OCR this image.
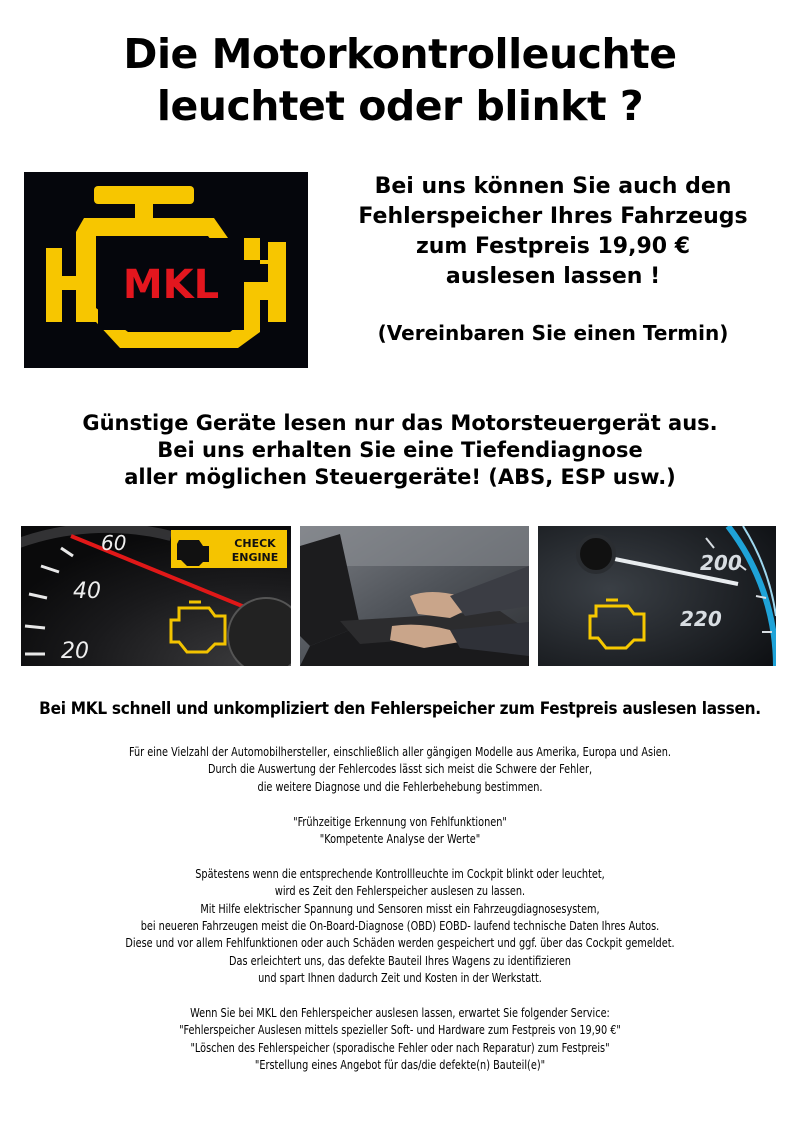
Die Motorkontrolleuchte
leuchtet oder blinkt ?
MKL
Bei uns können Sie auch den
Fehlerspeicher Ihres Fahrzeugs
zum Festpreis 19,90 €
auslesen lassen !
(Vereinbaren Sie einen Termin)
Günstige Geräte lesen nur das Motorsteuergerät aus.
Bei uns erhalten Sie eine Tiefendiagnose
aller möglichen Steuergeräte! (ABS, ESP usw.)
60
40
20
CHECK
ENGINE	200
220
Bei MKL schnell und unkompliziert den Fehlerspeicher zum Festpreis auslesen lassen.
Für eine Vielzahl der Automobilhersteller, einschließlich aller gängigen Modelle aus Amerika, Europa und Asien.
Durch die Auswertung der Fehlercodes lässt sich meist die Schwere der Fehler,
die weitere Diagnose und die Fehlerbehebung bestimmen.
"Frühzeitige Erkennung von Fehlfunktionen"
"Kompetente Analyse der Werte"
Spätestens wenn die entsprechende Kontrollleuchte im Cockpit blinkt oder leuchtet,
wird es Zeit den Fehlerspeicher auslesen zu lassen.
Mit Hilfe elektrischer Spannung und Sensoren misst ein Fahrzeugdiagnosesystem,
bei neueren Fahrzeugen meist die On-Board-Diagnose (OBD) EOBD- laufend technische Daten Ihres Autos.
Diese und vor allem Fehlfunktionen oder auch Schäden werden gespeichert und ggf. über das Cockpit gemeldet.
Das erleichtert uns, das defekte Bauteil Ihres Wagens zu identifizieren
und spart Ihnen dadurch Zeit und Kosten in der Werkstatt.
Wenn Sie bei MKL den Fehlerspeicher auslesen lassen, erwartet Sie folgender Service:
"Fehlerspeicher Auslesen mittels spezieller Soft- und Hardware zum Festpreis von 19,90 €"
"Löschen des Fehlerspeicher (sporadische Fehler oder nach Reparatur) zum Festpreis"
"Erstellung eines Angebot für das/die defekte(n) Bauteil(e)"
